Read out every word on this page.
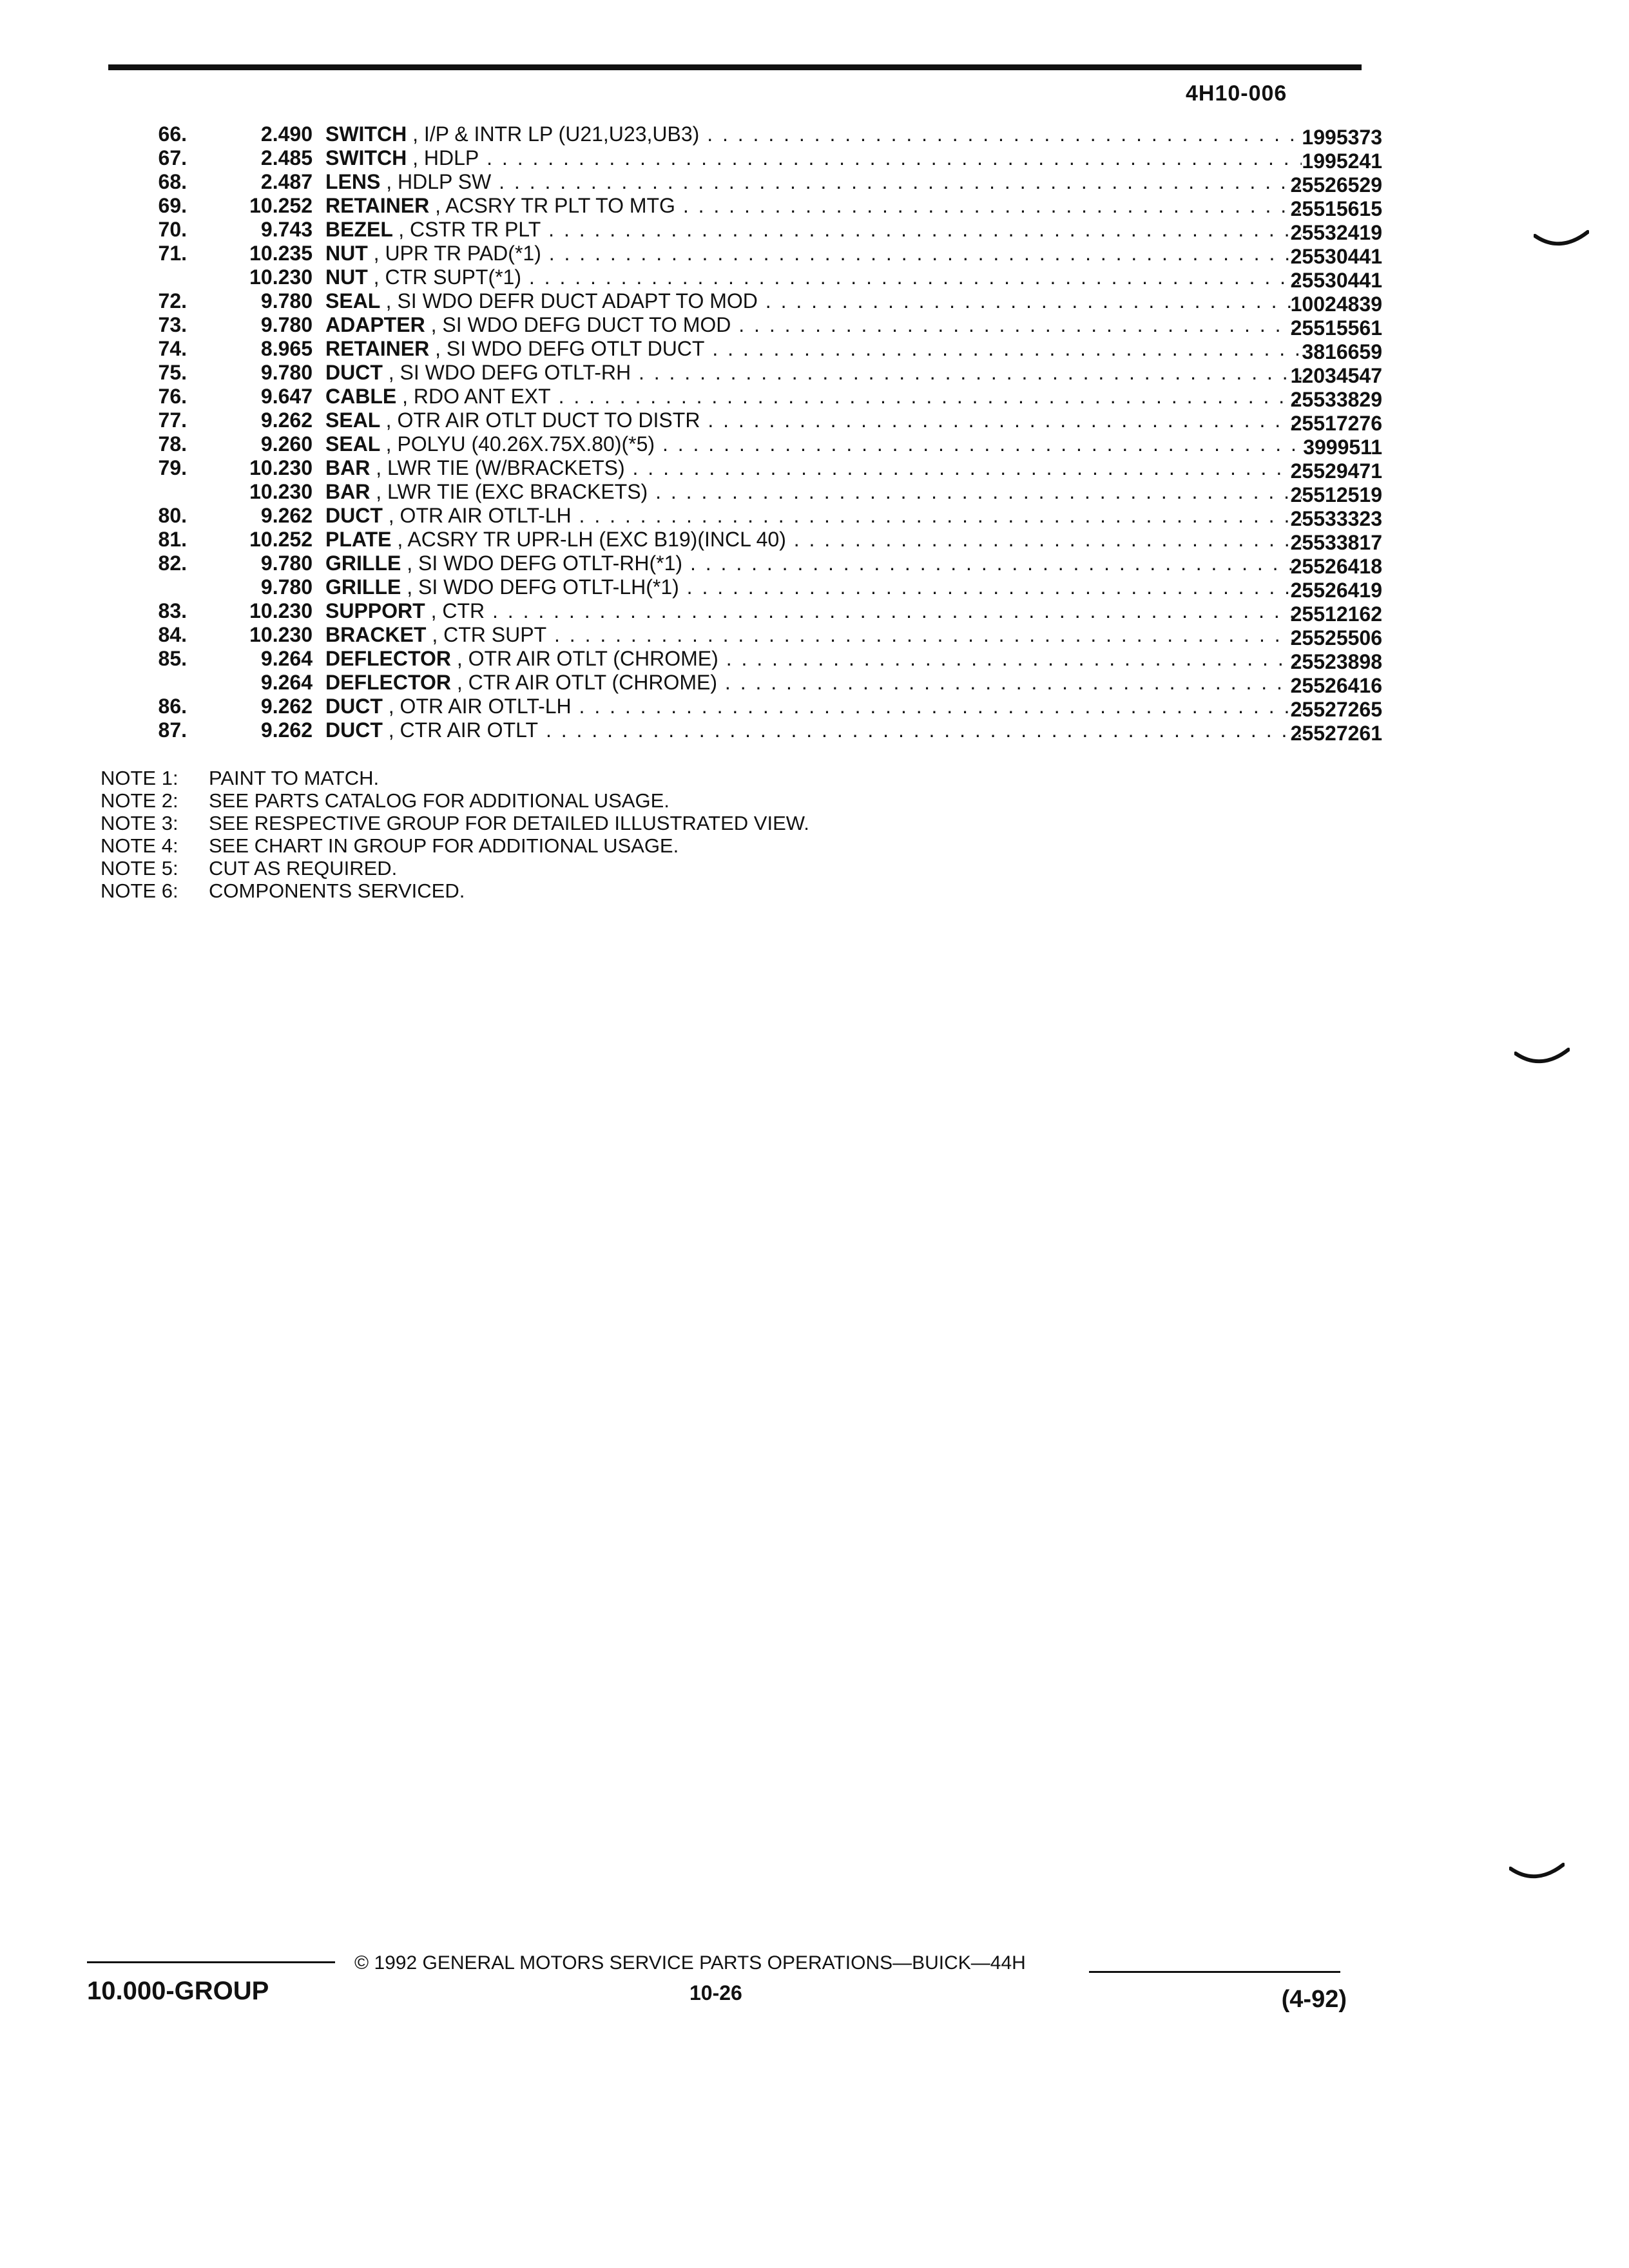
4H10-006
66.	2.490 SWITCH , I/P & INTR LP (U21,U23,UB3) . . .	1995373
67.	2.485 SWITCH , HDLP . . .	1995241
68.	2.487 LENS , HDLP SW . . .	25526529
69.	10.252 RETAINER , ACSRY TR PLT TO MTG . . .	25515615
70.	9.743 BEZEL , CSTR TR PLT . . .	25532419
71.	10.235 NUT , UPR TR PAD(*1) . . .	25530441
10.230 NUT , CTR SUPT(*1) . . .	25530441
72.	9.780 SEAL , SI WDO DEFR DUCT ADAPT TO MOD . . .	10024839
73.	9.780 ADAPTER , SI WDO DEFG DUCT TO MOD . . .	25515561
74.	8.965 RETAINER , SI WDO DEFG OTLT DUCT . . .	3816659
75.	9.780 DUCT , SI WDO DEFG OTLT-RH . . .	12034547
76.	9.647 CABLE , RDO ANT EXT . . .	25533829
77.	9.262 SEAL , OTR AIR OTLT DUCT TO DISTR . . .	25517276
78.	9.260 SEAL , POLYU (40.26X.75X.80)(*5) . . .	3999511
79.	10.230 BAR , LWR TIE (W/BRACKETS) . . .	25529471
10.230 BAR , LWR TIE (EXC BRACKETS) . . .	25512519
80.	9.262 DUCT , OTR AIR OTLT-LH . . .	25533323
81.	10.252 PLATE , ACSRY TR UPR-LH (EXC B19)(INCL 40) . . .	25533817
82.	9.780 GRILLE , SI WDO DEFG OTLT-RH(*1) . . .	25526418
9.780 GRILLE , SI WDO DEFG OTLT-LH(*1) . . .	25526419
83.	10.230 SUPPORT , CTR . . .	25512162
84.	10.230 BRACKET , CTR SUPT . . .	25525506
85.	9.264 DEFLECTOR , OTR AIR OTLT (CHROME) . . .	25523898
9.264 DEFLECTOR , CTR AIR OTLT (CHROME) . . .	25526416
86.	9.262 DUCT , OTR AIR OTLT-LH . . .	25527265
87.	9.262 DUCT , CTR AIR OTLT . . .	25527261
NOTE 1: PAINT TO MATCH.
NOTE 2: SEE PARTS CATALOG FOR ADDITIONAL USAGE.
NOTE 3: SEE RESPECTIVE GROUP FOR DETAILED ILLUSTRATED VIEW.
NOTE 4: SEE CHART IN GROUP FOR ADDITIONAL USAGE.
NOTE 5: CUT AS REQUIRED.
NOTE 6: COMPONENTS SERVICED.
10.000-GROUP
© 1992 GENERAL MOTORS SERVICE PARTS OPERATIONS—BUICK—44H
10-26	(4-92)
